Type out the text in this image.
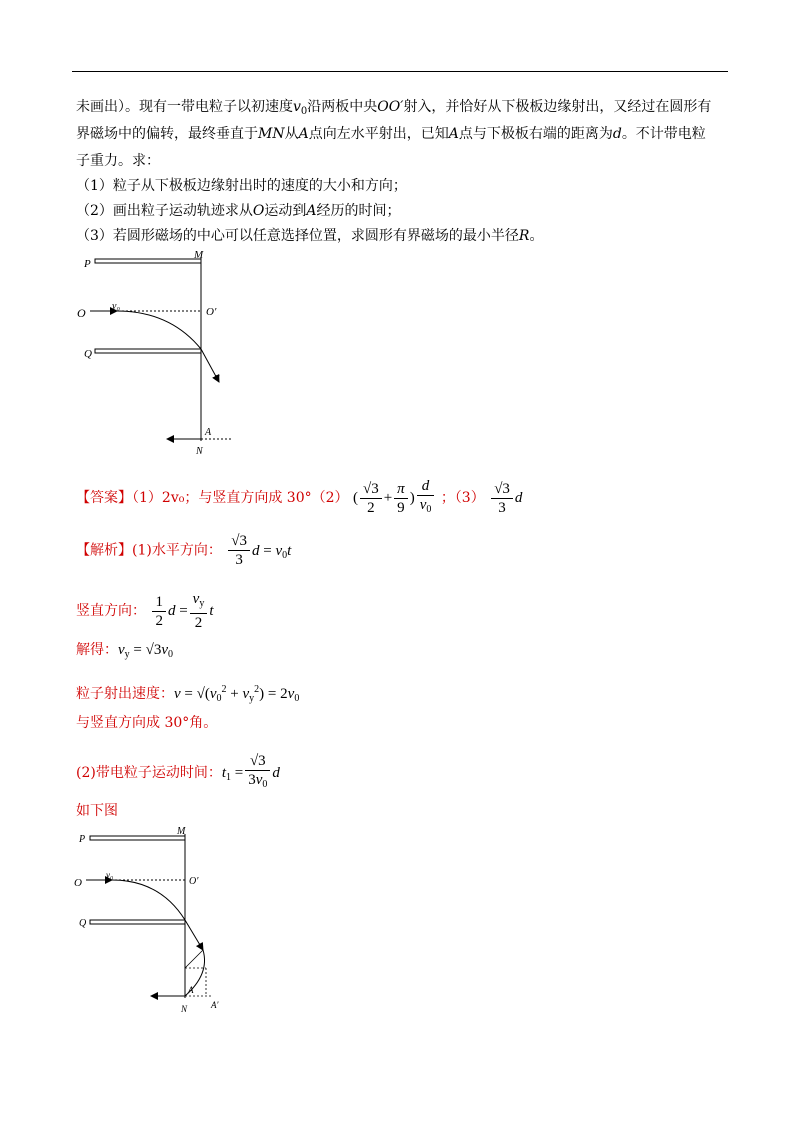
未画出）。现有一带电粒子以初速度$v_0$沿两板中央OO′射入，并恰好从下极板边缘射出，又经过在圆形有
界磁场中的偏转，最终垂直于MN从A点向左水平射出，已知A点与下极板右端的距离为d。不计带电粒
子重力。求：
（1）粒子从下极板边缘射出时的速度的大小和方向；
（2）画出粒子运动轨迹求从O运动到A经历的时间；
（3）若圆形磁场的中心可以任意选择位置，求圆形有界磁场的最小半径R。
P
M
O	v₀	O′
Q
v
A
N
【答案】（1）2v₀；与竖直方向成 30°（2） ( $\frac{√3}{2} + \frac{\pi}{9}$ ) $\frac{d}{v_0}$ ；$(3) \frac{√3}{3}$ d
【解析】(1)水平方向： $\frac{√3}{3}$ $d = v_0t$
竖直方向： $\frac{1}{2}$ $d = \frac{v_y}{2}$ t
解得：$v_y = √3v_0$
粒子射出速度：$v = √(v_0^2 + v_y^2) = 2v_0$
与竖直方向成 30°角。
(2)带电粒子运动时间：$t_1 = \frac{√3}{3v_0}$ d
如下图
P
M
O
v₀
O′
Q
v
A
A′
N
